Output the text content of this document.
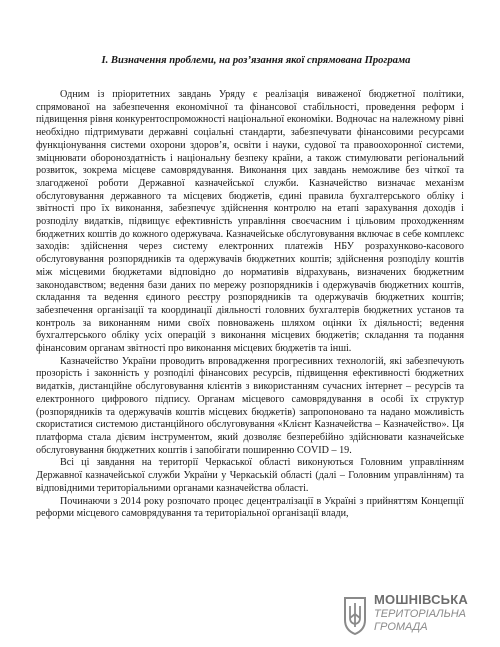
I. Визначення проблеми, на розʼязання якої спрямована Програма

Одним із пріоритетних завдань Уряду є реалізація виваженої бюджетної політики, спрямованої на забезпечення економічної та фінансової стабільності, проведення реформ і підвищення рівня конкурентоспроможності національної економіки. Водночас на належному рівні необхідно підтримувати державні соціальні стандарти, забезпечувати фінансовими ресурсами функціонування системи охорони здоровʼя, освіти і науки, судової та правоохоронної системи, зміцнювати обороноздатність і національну безпеку країни, а також стимулювати регіональний розвиток, зокрема місцеве самоврядування. Виконання цих завдань неможливе без чіткої та злагодженої роботи Державної казначейської служби. Казначейство визначає механізм обслуговування державного та місцевих бюджетів, єдині правила бухгалтерського обліку і звітності про їх виконання, забезпечує здійснення контролю на етапі зарахування доходів і розподілу видатків, підвищує ефективність управління своєчасним і цільовим проходженням бюджетних коштів до кожного одержувача. Казначейське обслуговування включає в себе комплекс заходів: здійснення через систему електронних платежів НБУ розрахунково-касового обслуговування розпорядників та одержувачів бюджетних коштів; здійснення розподілу коштів між місцевими бюджетами відповідно до нормативів відрахувань, визначених бюджетним законодавством; ведення бази даних по мережу розпорядників і одержувачів бюджетних коштів, складання та ведення єдиного реєстру розпорядників та одержувачів бюджетних коштів; забезпечення організації та координації діяльності головних бухгалтерів бюджетних установ та контроль за виконанням ними своїх повноважень шляхом оцінки їх діяльності; ведення бухгалтерського обліку усіх операцій з виконання місцевих бюджетів; складання та подання фінансовим органам звітності про виконання місцевих бюджетів та інші.

Казначейство України проводить впровадження прогресивних технологій, які забезпечують прозорість і законність у розподілі фінансових ресурсів, підвищення ефективності бюджетних видатків, дистанційне обслуговування клієнтів з використанням сучасних інтернет – ресурсів та електронного цифрового підпису. Органам місцевого самоврядування в особі їх структур (розпорядників та одержувачів коштів місцевих бюджетів) запропоновано та надано можливість скористатися системою дистанційного обслуговування «Клієнт Казначейства – Казначейство». Ця платформа стала дієвим інструментом, який дозволяє безперебійно здійснювати казначейське обслуговування бюджетних коштів і запобігати поширенню COVID – 19.

Всі ці завдання на території Черкаської області виконуються Головним управлінням Державної казначейської служби України у Черкаській області (далі – Головним управлінням) та відповідними територіальними органами казначейства області.

Починаючи з 2014 року розпочато процес децентралізації в Україні з прийняттям Концепції реформи місцевого самоврядування та територіальної організації влади,

МОШНІВСЬКА
ТЕРИТОРІАЛЬНА
ГРОМАДА
